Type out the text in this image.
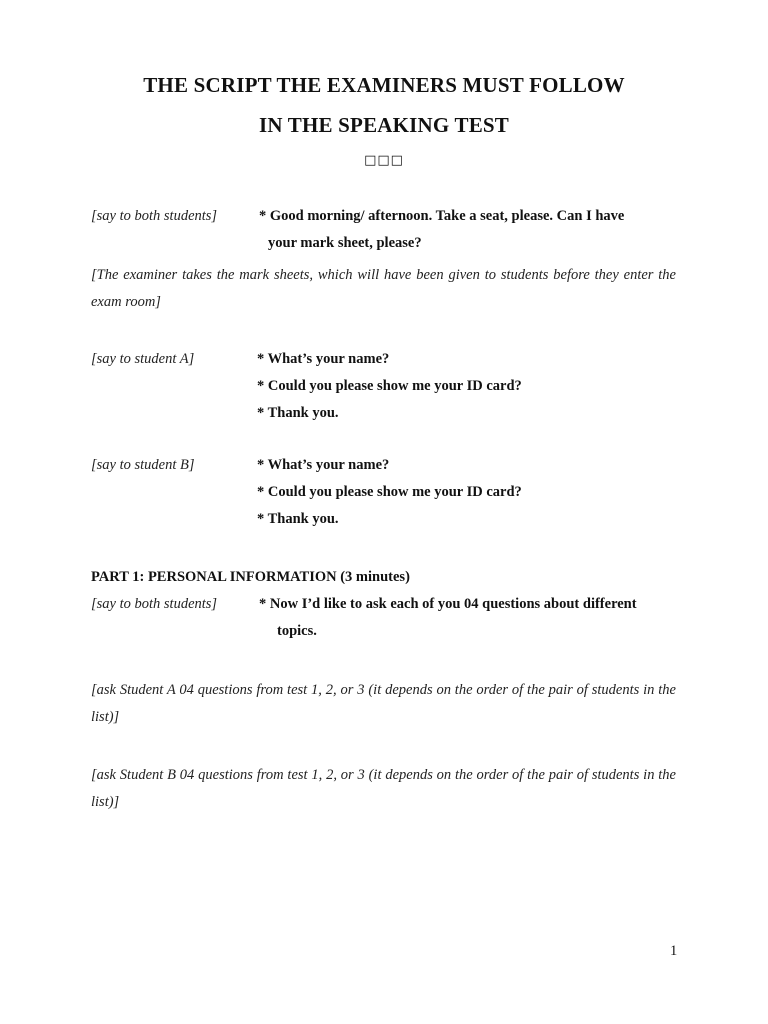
THE SCRIPT THE EXAMINERS MUST FOLLOW
IN THE SPEAKING TEST
□□□
[say to both students]	* Good morning/ afternoon. Take a seat, please. Can I have
your mark sheet, please?
[The examiner takes the mark sheets, which will have been given to students before they enter the exam room]
[say to student A]	* What’s your name?
* Could you please show me your ID card?
* Thank you.
[say to student B]	* What’s your name?
* Could you please show me your ID card?
* Thank you.
PART 1: PERSONAL INFORMATION (3 minutes)
[say to both students]	* Now I’d like to ask each of you 04 questions about different
topics.
[ask Student A 04 questions from test 1, 2, or 3 (it depends on the order of the pair of students in the list)]
[ask Student B 04 questions from test 1, 2, or 3 (it depends on the order of the pair of students in the list)]
1
